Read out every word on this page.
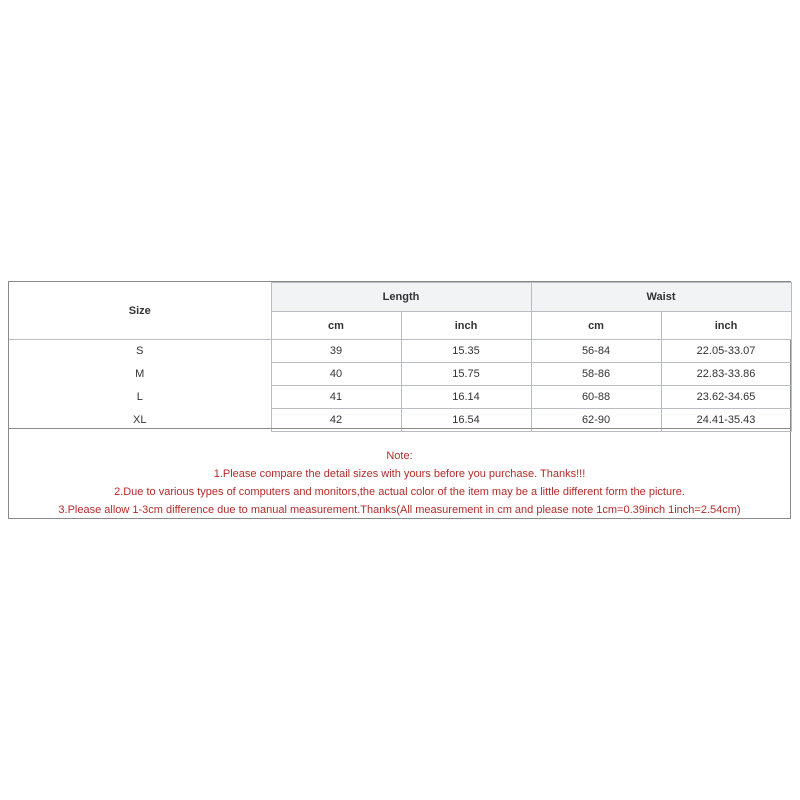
Size	Length		Waist	
	cm	inch	cm	inch
S	39	15.35	56-84	22.05-33.07
M	40	15.75	58-86	22.83-33.86
L	41	16.14	60-88	23.62-34.65
XL	42	16.54	62-90	24.41-35.43
Note:
1.Please compare the detail sizes with yours before you purchase. Thanks!!!
2.Due to various types of computers and monitors,the actual color of the item may be a little different form the picture.
3.Please allow 1-3cm difference due to manual measurement.Thanks(All measurement in cm and please note 1cm=0.39inch 1inch=2.54cm)
